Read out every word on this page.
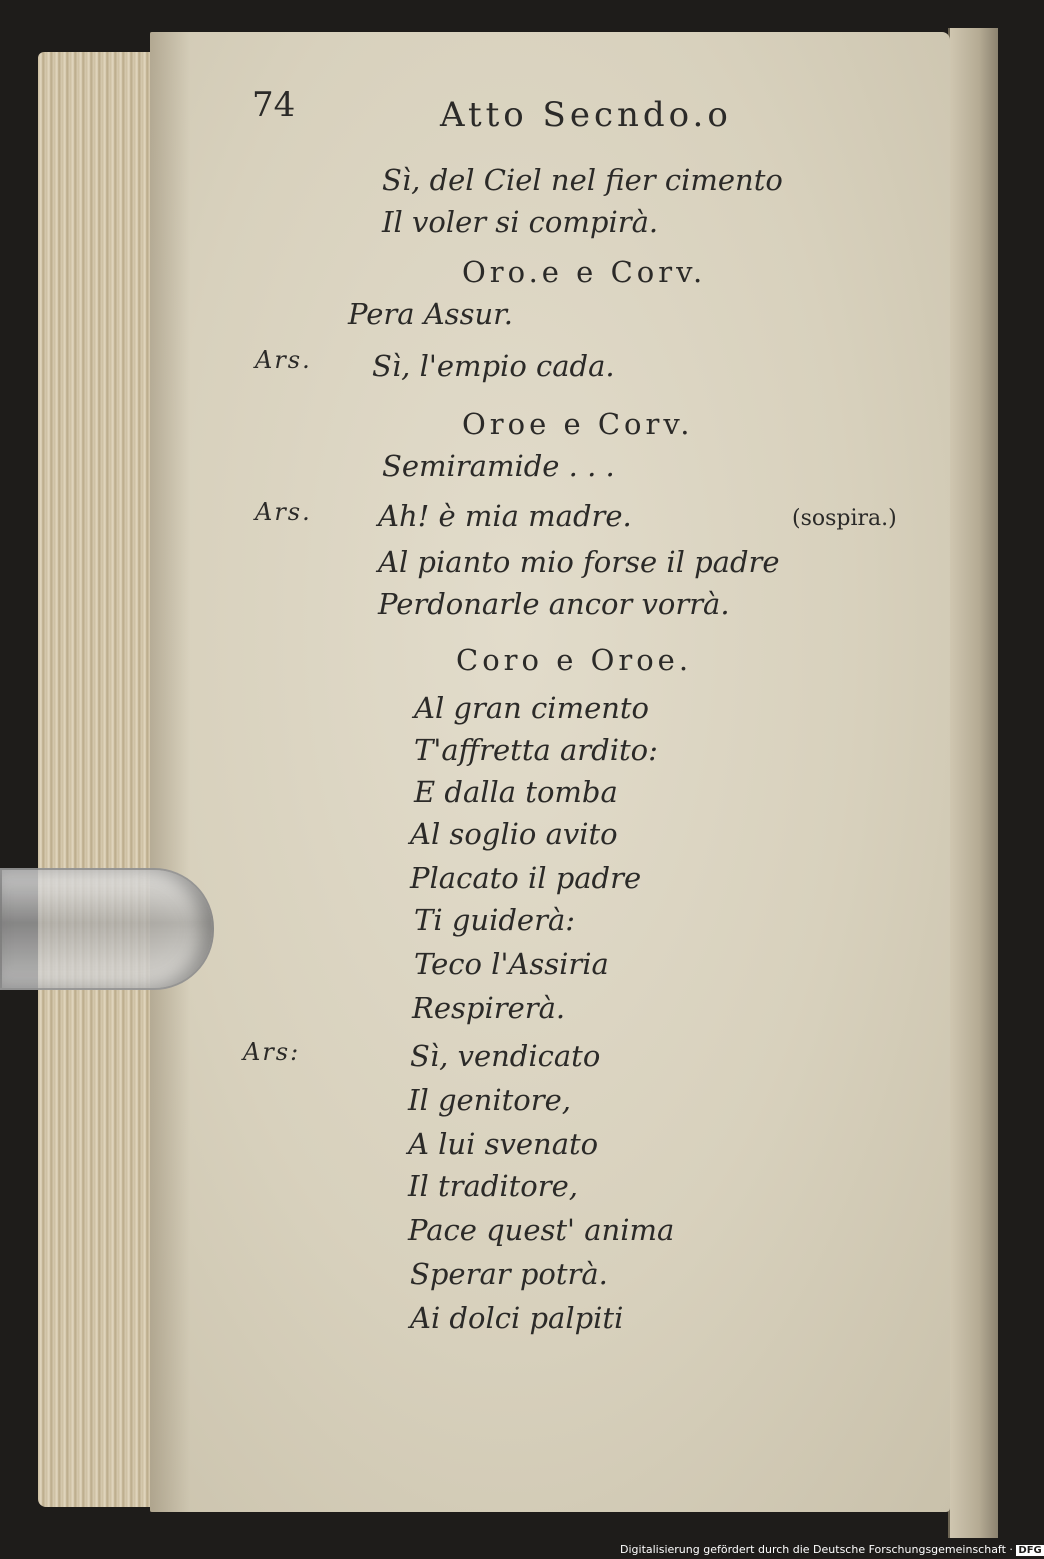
74	Atto Secndo.o
Sì, del Ciel nel fier cimento
Il voler si compirà.
Oro.e e Corv.
Pera Assur.
Ars. Sì, l'empio cada.
Oroe e Corv.
Semiramide . . .
Ars. Ah! è mia madre.	(sospira.)
Al pianto mio forse il padre
Perdonarle ancor vorrà.
Coro e Oroe.
Al gran cimento
T'affretta ardito:
E dalla tomba
Al soglio avito
Placato il padre
Ti guiderà:
Teco l'Assiria
Respirerà.
Ars:	Sì, vendicato
Il genitore,
A lui svenato
Il traditore,
Pace quest' anima
Sperar potrà.
Ai dolci palpiti
Digitalisierung gefördert durch die Deutsche Forschungsgemeinschaft · DFG
